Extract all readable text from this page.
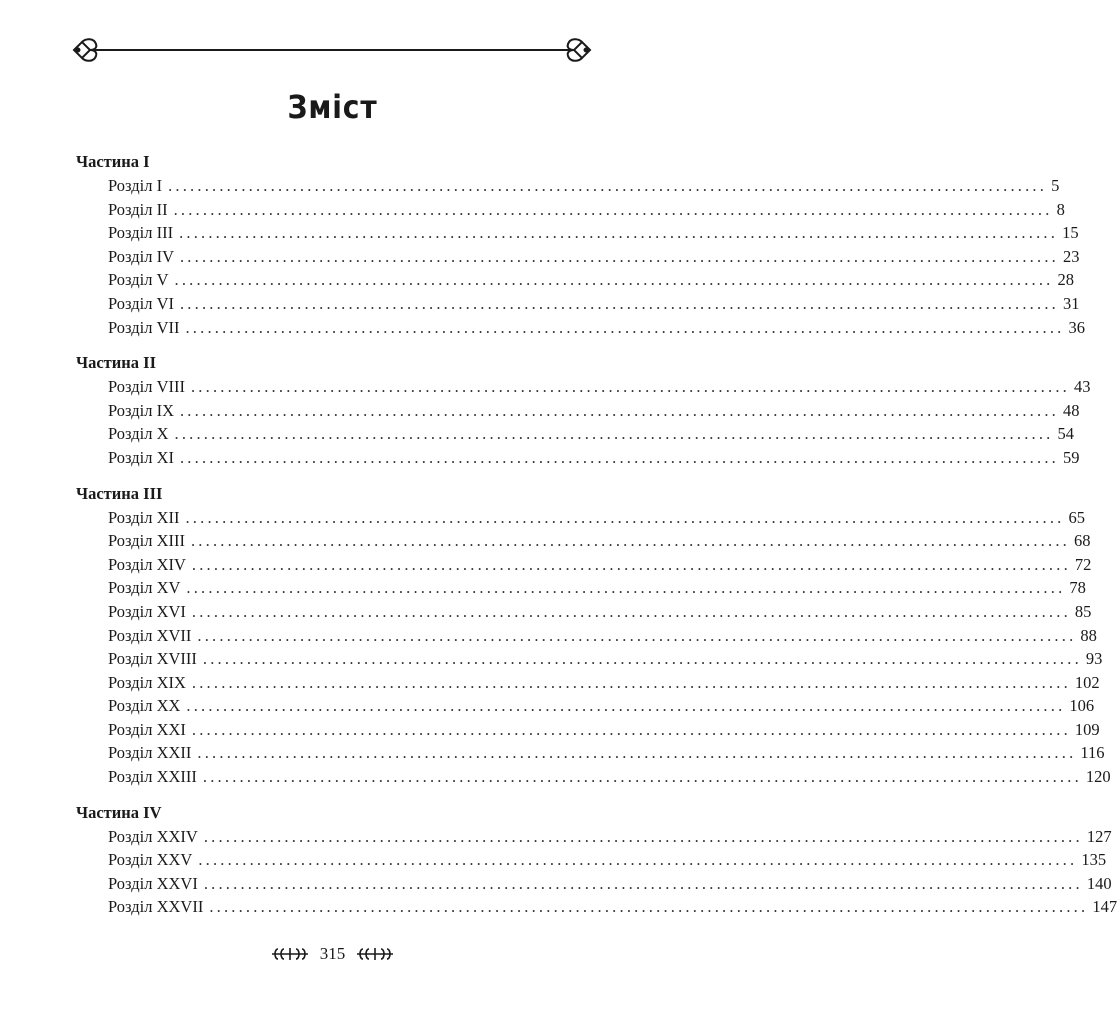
Зміст
Частина I
Розділ I ........................................................................................................................ 5
Розділ II ........................................................................................................................ 8
Розділ III ........................................................................................................................ 15
Розділ IV ........................................................................................................................ 23
Розділ V ........................................................................................................................ 28
Розділ VI ........................................................................................................................ 31
Розділ VII ........................................................................................................................ 36
Частина II
Розділ VIII ........................................................................................................................ 43
Розділ IX ........................................................................................................................ 48
Розділ X ........................................................................................................................ 54
Розділ XI ........................................................................................................................ 59
Частина III
Розділ XII ........................................................................................................................ 65
Розділ XIII ........................................................................................................................ 68
Розділ XIV ........................................................................................................................ 72
Розділ XV ........................................................................................................................ 78
Розділ XVI ........................................................................................................................ 85
Розділ XVII ........................................................................................................................ 88
Розділ XVIII ........................................................................................................................ 93
Розділ XIX ........................................................................................................................ 102
Розділ XX ........................................................................................................................ 106
Розділ XXI ........................................................................................................................ 109
Розділ XXII ........................................................................................................................ 116
Розділ XXIII ........................................................................................................................ 120
Частина IV
Розділ XXIV ........................................................................................................................ 127
Розділ XXV ........................................................................................................................ 135
Розділ XXVI ........................................................................................................................ 140
Розділ XXVII ........................................................................................................................ 147
315
